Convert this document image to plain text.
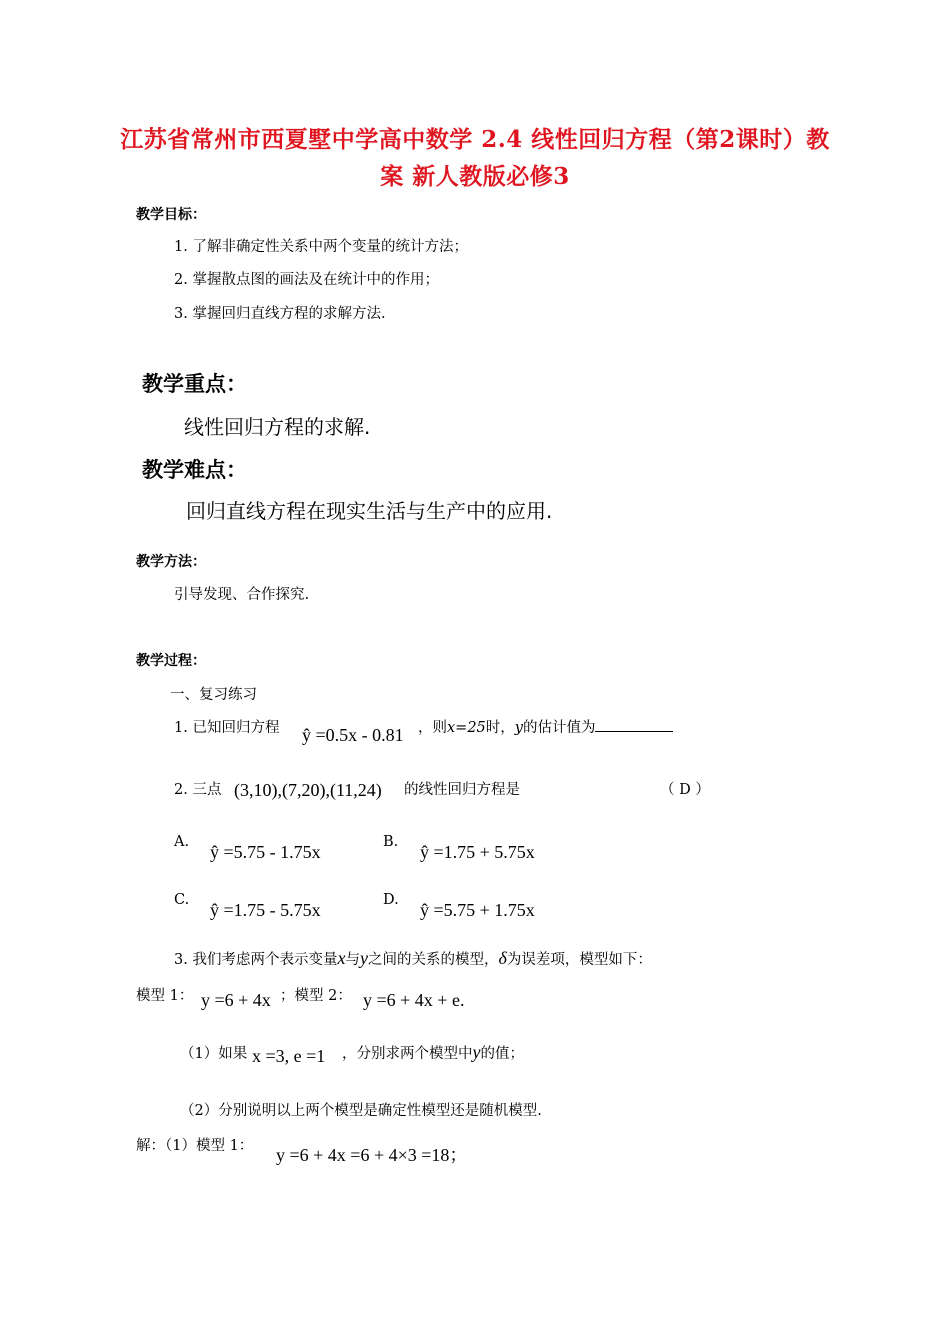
江苏省常州市西夏墅中学高中数学 2.4 线性回归方程（第2课时）教
案 新人教版必修3
教学目标：
1. 了解非确定性关系中两个变量的统计方法；
2. 掌握散点图的画法及在统计中的作用；
3. 掌握回归直线方程的求解方法.
教学重点：
线性回归方程的求解.
教学难点：
回归直线方程在现实生活与生产中的应用.
教学方法：
引导发现、合作探究.
教学过程：
一、复习练习
1. 已知回归方程 ŷ =0.5x - 0.81 ，则x=25时，y的估计值为
2. 三点 (3,10),(7,20),(11,24) 的线性回归方程是	（ D ）
A. ŷ =5.75 - 1.75x	B. ŷ =1.75 + 5.75x
C. ŷ =1.75 - 5.75x	D. ŷ =5.75 + 1.75x
3. 我们考虑两个表示变量x与y之间的关系的模型，δ为误差项，模型如下：
模型 1： y =6 + 4x ；模型 2： y =6 + 4x + e.
（1）如果 x =3, e =1 ，分别求两个模型中y的值；
（2）分别说明以上两个模型是确定性模型还是随机模型.
解：（1）模型 1： y =6 + 4x =6 + 4×3 =18；
